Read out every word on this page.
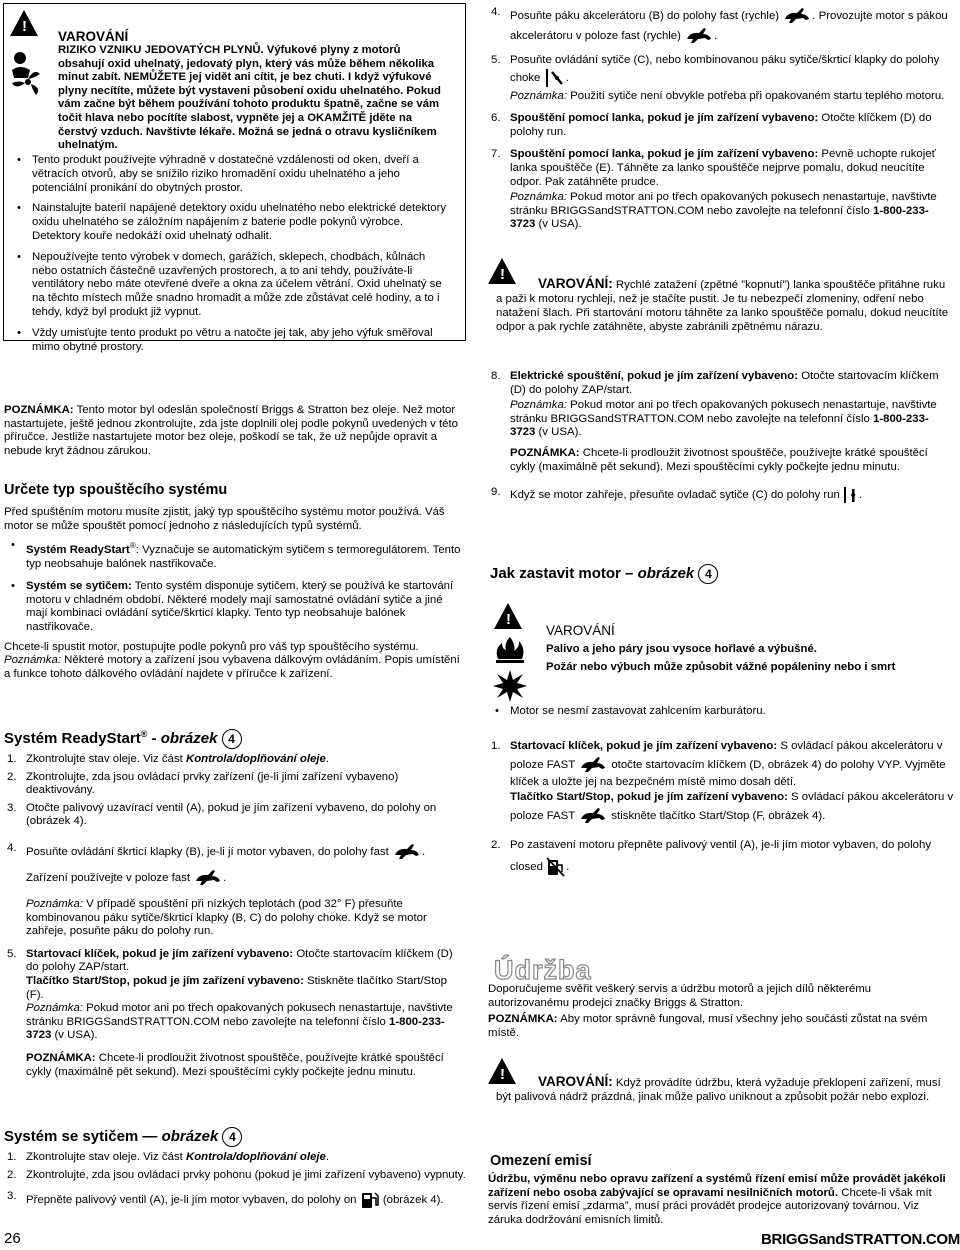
!
VAROVÁNÍ
RIZIKO VZNIKU JEDOVATÝCH PLYNŮ. Výfukové plyny z motorů
obsahují oxid uhelnatý, jedovatý plyn, který vás může během několika
minut zabít. NEMŮŽETE jej vidět ani cítit, je bez chuti. I když výfukové
plyny necítíte, můžete být vystaveni působení oxidu uhelnatého. Pokud
vám začne být během používání tohoto produktu špatně, začne se vám
točit hlava nebo pocítíte slabost, vypněte jej a OKAMŽITĚ jděte na
čerstvý vzduch. Navštivte lékaře. Možná se jedná o otravu kysličníkem
uhelnatým.

• Tento produkt používejte výhradně v dostatečné vzdálenosti od oken, dveří a větracích otvorů, aby se snížilo riziko hromadění oxidu uhelnatého a jeho potenciální pronikání do obytných prostor.

• Nainstalujte baterií napájené detektory oxidu uhelnatého nebo elektrické detektory oxidu uhelnatého se záložním napájením z baterie podle pokynů výrobce. Detektory kouře nedokáží oxid uhelnatý odhalit.

• Nepoužívejte tento výrobek v domech, garážích, sklepech, chodbách, kůlnách nebo ostatních částečně uzavřených prostorech, a to ani tehdy, používáte-li ventilátory nebo máte otevřené dveře a okna za účelem větrání. Oxid uhelnatý se na těchto místech může snadno hromadit a může zde zůstávat celé hodiny, a to i tehdy, když byl produkt již vypnut.

• Vždy umisťujte tento produkt po větru a natočte jej tak, aby jeho výfuk směřoval mimo obytné prostory.

POZNÁMKA: Tento motor byl odeslán společností Briggs & Stratton bez oleje. Než motor nastartujete, ještě jednou zkontrolujte, zda jste doplnili olej podle pokynů uvedených v této příručce. Jestliže nastartujete motor bez oleje, poškodí se tak, že už nepůjde opravit a nebude kryt žádnou zárukou.
Určete typ spouštěcího systému

Před spuštěním motoru musíte zjistit, jaký typ spouštěcího systému motor používá. Váš motor se může spouštět pomocí jednoho z následujících typů systémů.

• Systém ReadyStart®: Vyznačuje se automatickým sytičem s termoregulátorem. Tento typ neobsahuje balónek nastřikovače.

• Systém se sytičem: Tento systém disponuje sytičem, který se používá ke startování motoru v chladném období. Některé modely mají samostatné ovládání sytiče a jiné mají kombinaci ovládání sytiče/škrticí klapky. Tento typ neobsahuje balónek nastřikovače.

Chcete-li spustit motor, postupujte podle pokynů pro váš typ spouštěcího systému.

Poznámka: Některé motory a zařízení jsou vybavena dálkovým ovládáním. Popis umístění a funkce tohoto dálkového ovládání najdete v příručce k zařízení.

Systém ReadyStart® - obrázek 4

1. Zkontrolujte stav oleje. Viz část Kontrola/doplňování oleje.

2. Zkontrolujte, zda jsou ovládací prvky zařízení (je-li jimi zařízení vybaveno) deaktivovány.

3. Otočte palivový uzavírací ventil (A), pokud je jím zařízení vybaveno, do polohy on (obrázek 4).

4. Posuňte ovládání škrticí klapky (B), je-li jí motor vybaven, do polohy fast	.

Zařízení používejte v poloze fast	.

Poznámka: V případě spouštění při nízkých teplotách (pod 32° F) přesuňte kombinovanou páku sytiče/škrticí klapky (B, C) do polohy choke. Když se motor zahřeje, posuňte páku do polohy run.

5. Startovací klíček, pokud je jím zařízení vybaveno: Otočte startovacím klíčkem (D) do polohy ZAP/start.
Tlačítko Start/Stop, pokud je jím zařízení vybaveno: Stiskněte tlačítko Start/Stop (F).

Poznámka: Pokud motor ani po třech opakovaných pokusech nenastartuje, navštivte stránku BRIGGSandSTRATTON.COM nebo zavolejte na telefonní číslo 1-800-233-3723 (v USA).

POZNÁMKA: Chcete-li prodloužit životnost spouštěče, používejte krátké spouštěcí cykly (maximálně pět sekund). Mezi spouštěcími cykly počkejte jednu minutu.

Systém se sytičem — obrázek 4

1. Zkontrolujte stav oleje. Viz část Kontrola/doplňování oleje.

2. Zkontrolujte, zda jsou ovládací prvky pohonu (pokud je jimi zařízení vybaveno) vypnuty.

3. Přepněte palivový ventil (A), je-li jím motor vybaven, do polohy on  (obrázek 4).

26

4. Posuňte páku akcelerátoru (B) do polohy fast (rychle)	. Provozujte motor s pákou akcelerátoru v poloze fast (rychle)	.

5. Posuňte ovládání sytiče (C), nebo kombinovanou páku sytiče/škrticí klapky do polohy choke .

Poznámka: Použití sytiče není obvykle potřeba při opakovaném startu teplého motoru.

6. Spouštění pomocí lanka, pokud je jím zařízení vybaveno: Otočte klíčkem (D) do polohy run.

7. Spouštění pomocí lanka, pokud je jím zařízení vybaveno: Pevně uchopte rukojeť lanka spouštěče (E). Táhněte za lanko spouštěče nejprve pomalu, dokud neucítíte odpor. Pak zatáhněte prudce.

Poznámka: Pokud motor ani po třech opakovaných pokusech nenastartuje, navštivte stránku BRIGGSandSTRATTON.COM nebo zavolejte na telefonní číslo 1-800-233-3723 (v USA).

!
VAROVÁNÍ: Rychlé zatažení (zpětné ”kopnutí”) lanka spouštěče přitáhne ruku a paži k motoru rychleji, než je stačíte pustit. Je tu nebezpečí zlomeniny, odření nebo natažení šlach. Při startování motoru táhněte za lanko spouštěče pomalu, dokud neucítíte odpor a pak rychle zatáhněte, abyste zabránili zpětnému nárazu.

8. Elektrické spouštění, pokud je jím zařízení vybaveno: Otočte startovacím klíčkem (D) do polohy ZAP/start.

Poznámka: Pokud motor ani po třech opakovaných pokusech nenastartuje, navštivte stránku BRIGGSandSTRATTON.COM nebo zavolejte na telefonní číslo 1-800-233-3723 (v USA).

POZNÁMKA: Chcete-li prodloužit životnost spouštěče, používejte krátké spouštěcí cykly (maximálně pět sekund). Mezi spouštěcími cykly počkejte jednu minutu.

9. Když se motor zahřeje, přesuňte ovladač sytiče (C) do polohy run .

Jak zastavit motor – obrázek 4
!
VAROVÁNÍ
Palivo a jeho páry jsou vysoce hořlavé a výbušné.
Požár nebo výbuch může způsobit vážné popáleniny nebo i smrt

• Motor se nesmí zastavovat zahlcením karburátoru.

1. Startovací klíček, pokud je jím zařízení vybaveno: S ovládací pákou akcelerátoru v poloze FAST	otočte startovacím klíčkem (D, obrázek 4) do polohy VYP. Vyjměte klíček a uložte jej na bezpečném místě mimo dosah dětí.
Tlačítko Start/Stop, pokud je jím zařízení vybaveno: S ovládací pákou akcelerátoru v poloze FAST	stiskněte tlačítko Start/Stop (F, obrázek 4).

2. Po zastavení motoru přepněte palivový ventil (A), je-li jím motor vybaven, do polohy closed .

Údržba

Doporučujeme svěřit veškerý servis a údržbu motorů a jejich dílů některému autorizovanému prodejci značky Briggs & Stratton.

POZNÁMKA: Aby motor správně fungoval, musí všechny jeho součásti zůstat na svém místě.

!	VAROVÁNÍ: Když provádíte údržbu, která vyžaduje překlopení zařízení, musí být palivová nádrž prázdná, jinak může palivo uniknout a způsobit požár nebo explozi.
Omezení emisí
Údržbu, výměnu nebo opravu zařízení a systémů řízení emisí může provádět jakékoli zařízení nebo osoba zabývající se opravami nesilničních motorů. Chcete-li však mít servis řízení emisí „zdarma”, musí práci provádět prodejce autorizovaný továrnou. Viz záruka dodržování emisních limitů.
BRIGGSandSTRATTON.COM
